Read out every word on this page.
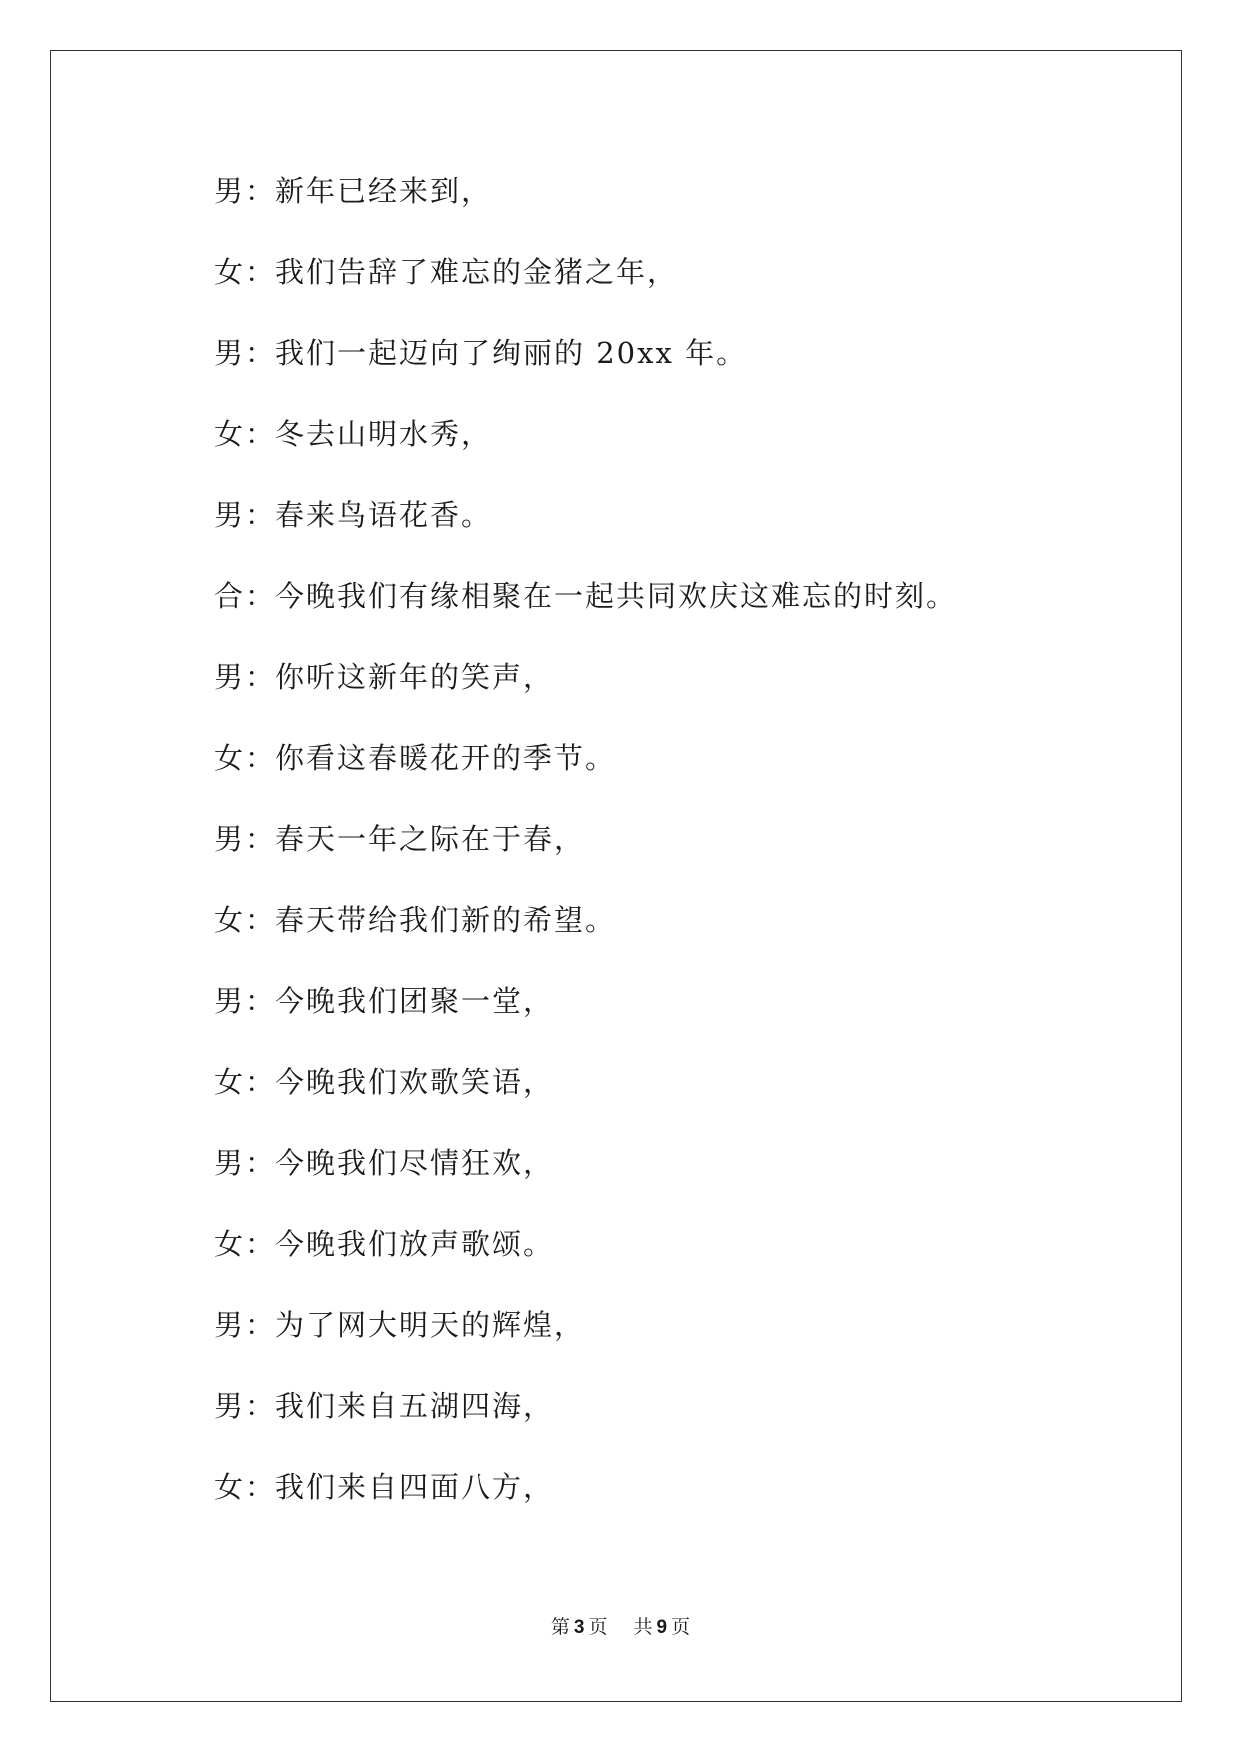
男：新年已经来到，
女：我们告辞了难忘的金猪之年，
男：我们一起迈向了绚丽的 20xx 年。
女：冬去山明水秀，
男：春来鸟语花香。
合：今晚我们有缘相聚在一起共同欢庆这难忘的时刻。
男：你听这新年的笑声，
女：你看这春暖花开的季节。
男：春天一年之际在于春，
女：春天带给我们新的希望。
男：今晚我们团聚一堂，
女：今晚我们欢歌笑语，
男：今晚我们尽情狂欢，
女：今晚我们放声歌颂。
男：为了网大明天的辉煌，
男：我们来自五湖四海，
女：我们来自四面八方，
第 3 页 共 9 页
